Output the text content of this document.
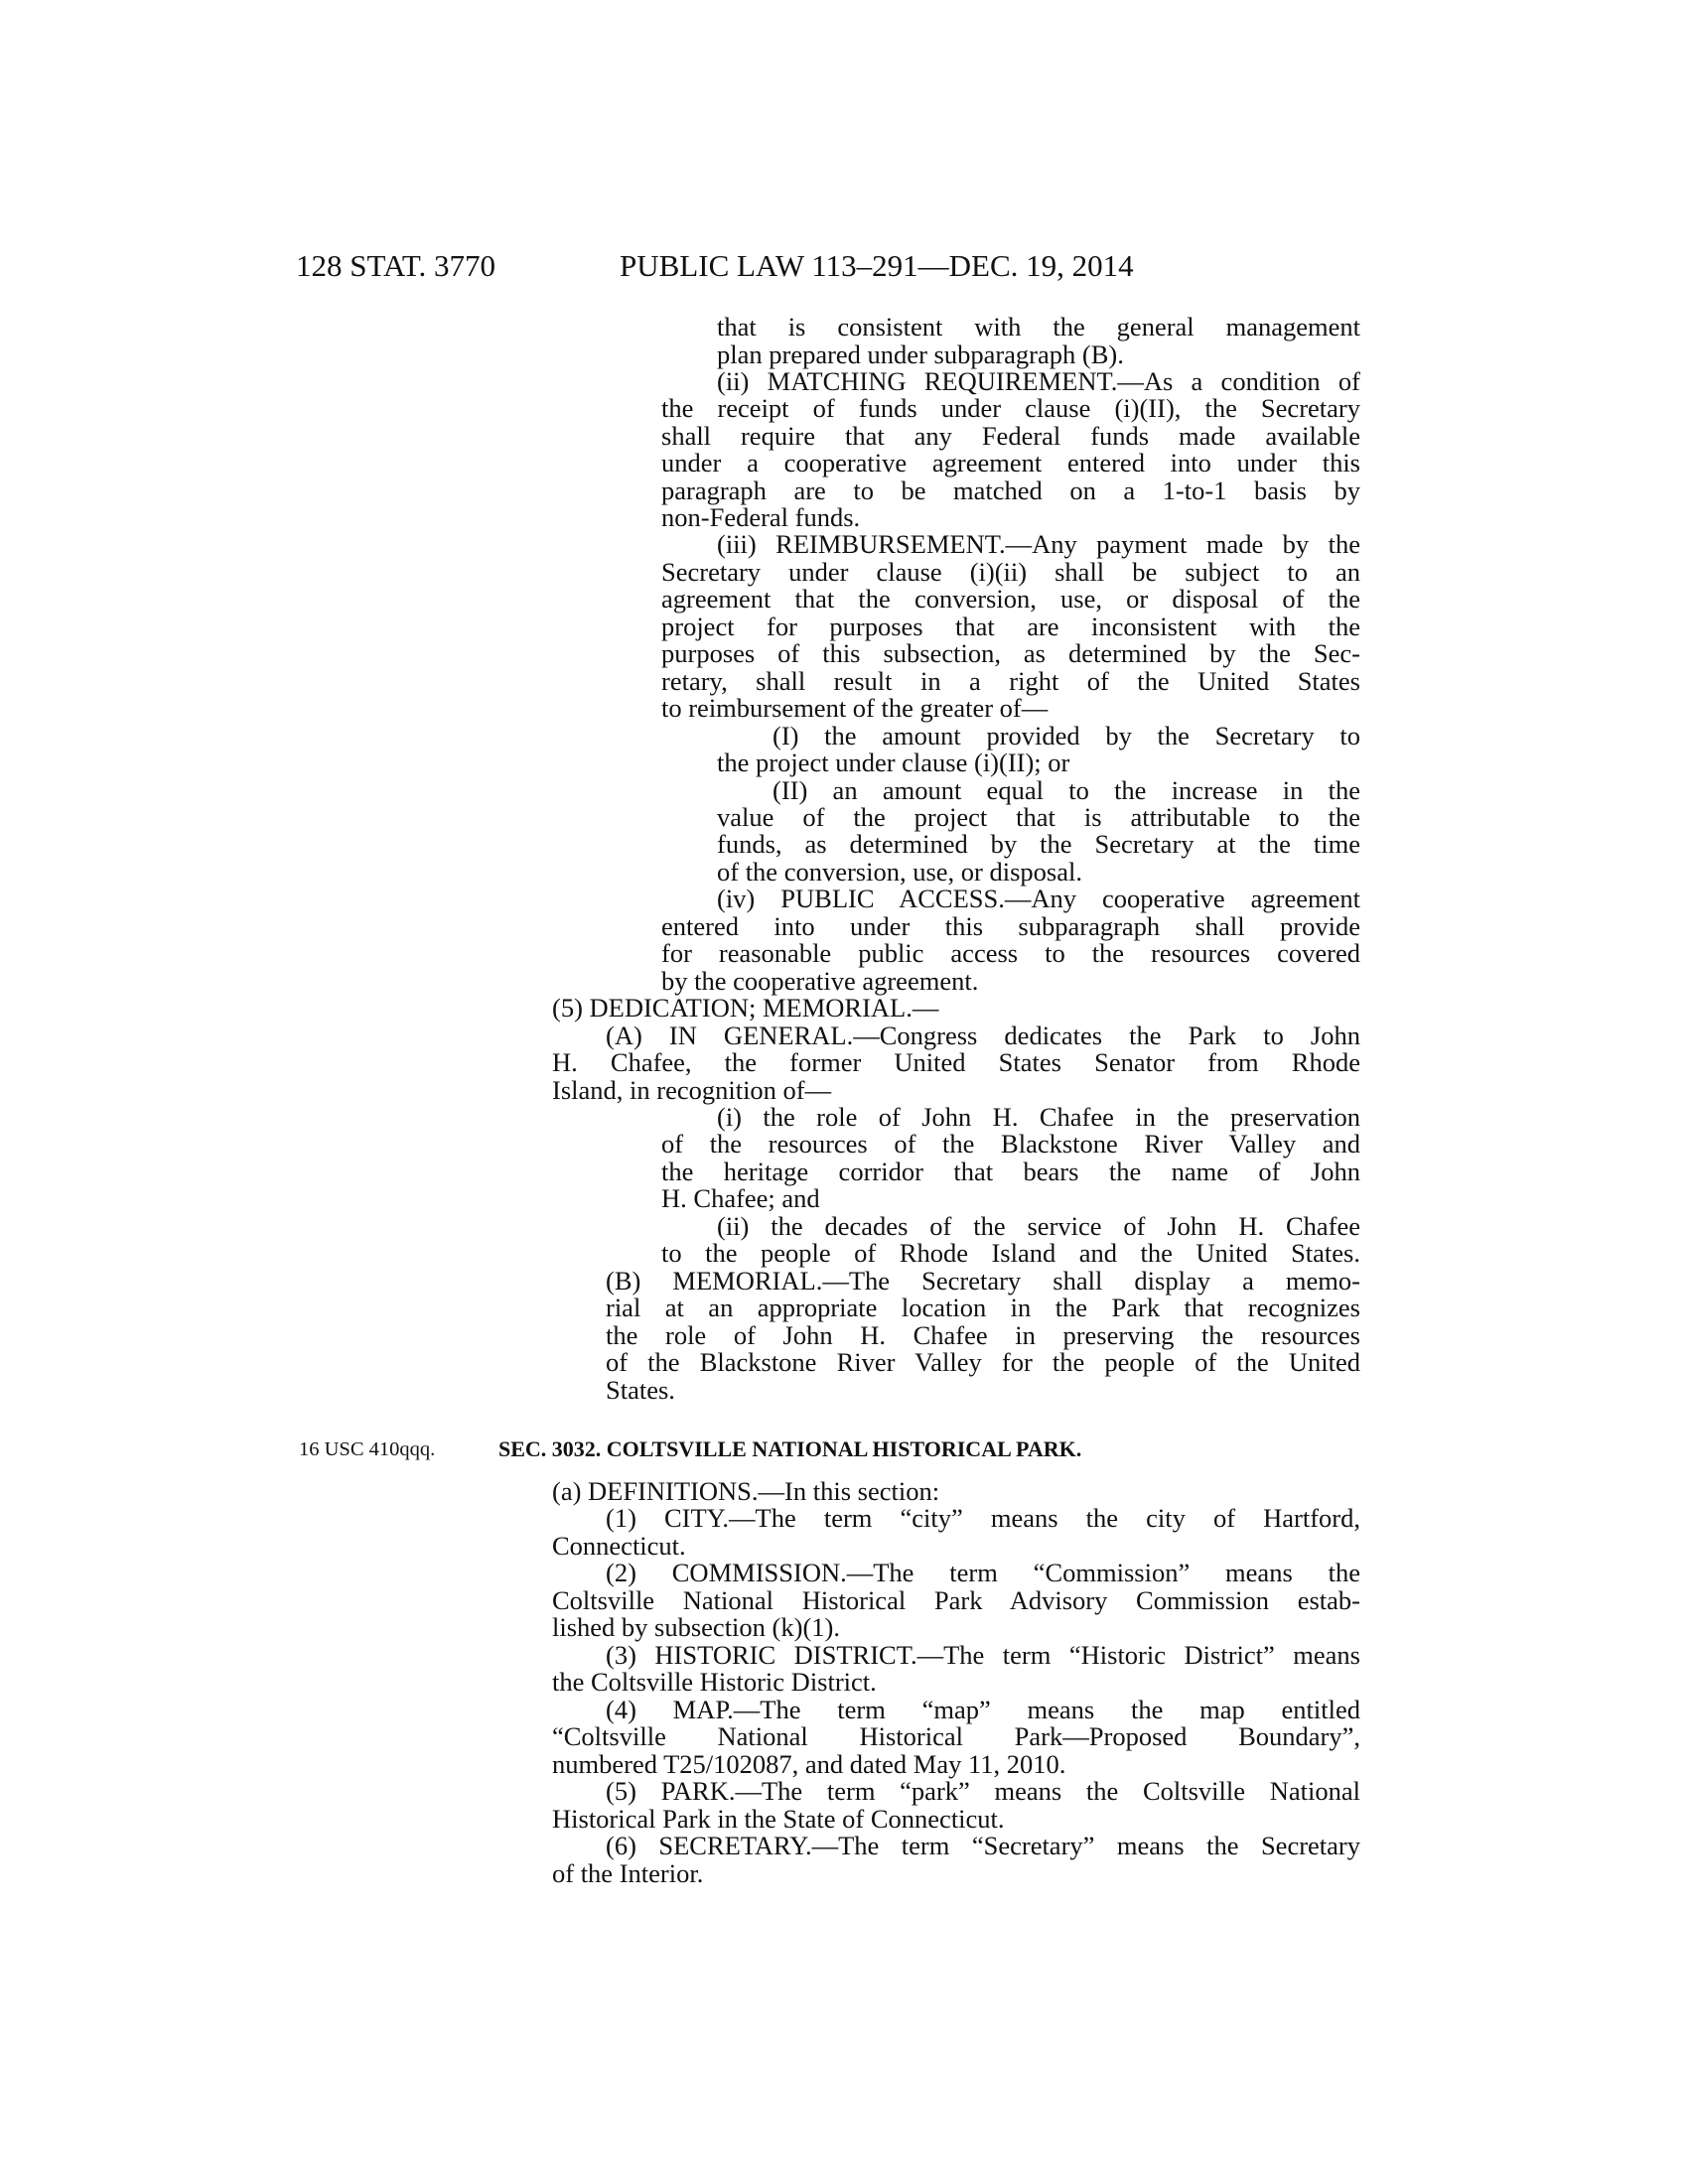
128 STAT. 3770	PUBLIC LAW 113–291—DEC. 19, 2014
that is consistent with the general management
plan prepared under subparagraph (B).
(ii) MATCHING REQUIREMENT.—As a condition of
the receipt of funds under clause (i)(II), the Secretary
shall require that any Federal funds made available
under a cooperative agreement entered into under this
paragraph are to be matched on a 1-to-1 basis by
non-Federal funds.
(iii) REIMBURSEMENT.—Any payment made by the
Secretary under clause (i)(ii) shall be subject to an
agreement that the conversion, use, or disposal of the
project for purposes that are inconsistent with the
purposes of this subsection, as determined by the Sec-
retary, shall result in a right of the United States
to reimbursement of the greater of—
(I) the amount provided by the Secretary to
the project under clause (i)(II); or
(II) an amount equal to the increase in the
value of the project that is attributable to the
funds, as determined by the Secretary at the time
of the conversion, use, or disposal.
(iv) PUBLIC ACCESS.—Any cooperative agreement
entered into under this subparagraph shall provide
for reasonable public access to the resources covered
by the cooperative agreement.
(5) DEDICATION; MEMORIAL.—
(A) IN GENERAL.—Congress dedicates the Park to John
H. Chafee, the former United States Senator from Rhode
Island, in recognition of—
(i) the role of John H. Chafee in the preservation
of the resources of the Blackstone River Valley and
the heritage corridor that bears the name of John
H. Chafee; and
(ii) the decades of the service of John H. Chafee
to the people of Rhode Island and the United States.
(B) MEMORIAL.—The Secretary shall display a memo-
rial at an appropriate location in the Park that recognizes
the role of John H. Chafee in preserving the resources
of the Blackstone River Valley for the people of the United
States.
16 USC 410qqq.	SEC. 3032. COLTSVILLE NATIONAL HISTORICAL PARK.
(a) DEFINITIONS.—In this section:
(1) CITY.—The term “city” means the city of Hartford,
Connecticut.
(2) COMMISSION.—The term “Commission” means the
Coltsville National Historical Park Advisory Commission estab-
lished by subsection (k)(1).
(3) HISTORIC DISTRICT.—The term “Historic District” means
the Coltsville Historic District.
(4) MAP.—The term “map” means the map entitled
“Coltsville National Historical Park—Proposed Boundary”,
numbered T25/102087, and dated May 11, 2010.
(5) PARK.—The term “park” means the Coltsville National
Historical Park in the State of Connecticut.
(6) SECRETARY.—The term “Secretary” means the Secretary
of the Interior.
